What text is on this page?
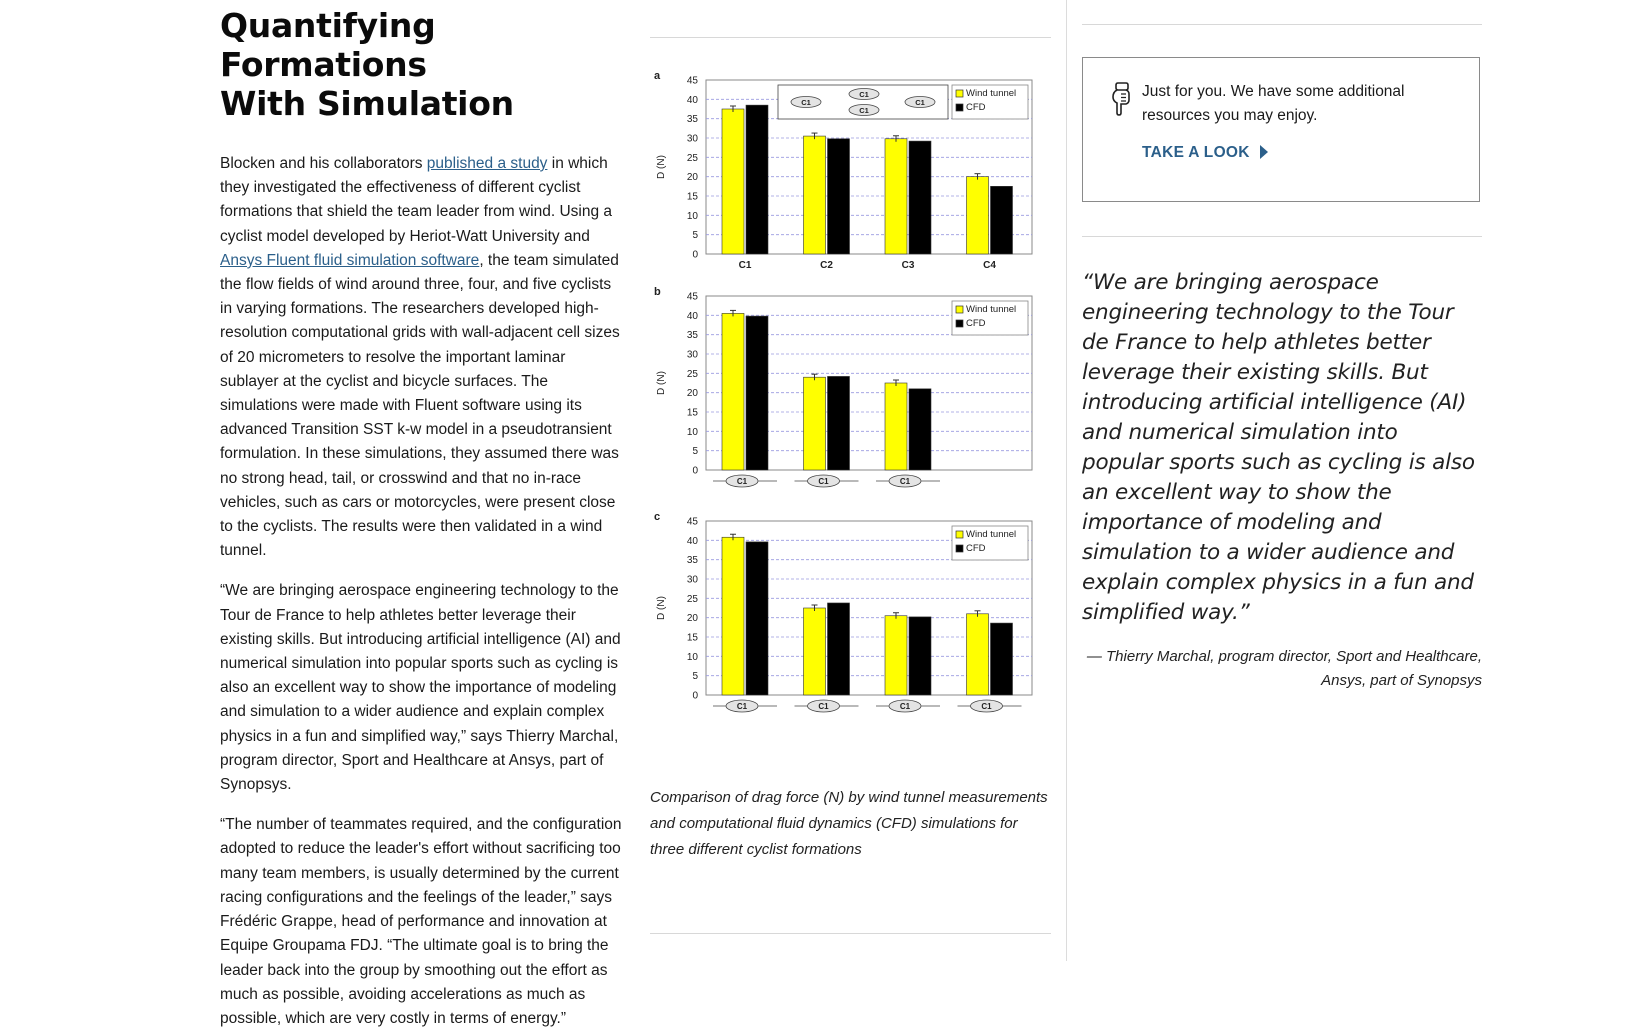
Quantifying Formations
With Simulation

Blocken and his collaborators published a study in which they investigated the effectiveness of different cyclist formations that shield the team leader from wind. Using a cyclist model developed by Heriot-Watt University and Ansys Fluent fluid simulation software, the team simulated the flow fields of wind around three, four, and five cyclists in varying formations. The researchers developed high-resolution computational grids with wall-adjacent cell sizes of 20 micrometers to resolve the important laminar sublayer at the cyclist and bicycle surfaces. The simulations were made with Fluent software using its advanced Transition SST k-w model in a pseudotransient formulation. In these simulations, they assumed there was no strong head, tail, or crosswind and that no in-race vehicles, such as cars or motorcycles, were present close to the cyclists. The results were then validated in a wind tunnel.

“We are bringing aerospace engineering technology to the Tour de France to help athletes better leverage their existing skills. But introducing artificial intelligence (AI) and numerical simulation into popular sports such as cycling is also an excellent way to show the importance of modeling and simulation to a wider audience and explain complex physics in a fun and simplified way,” says Thierry Marchal, program director, Sport and Healthcare at Ansys, part of Synopsys.

“The number of teammates required, and the configuration adopted to reduce the leader's effort without sacrificing too many team members, is usually determined by the current racing configurations and the feelings of the leader,” says Frédéric Grappe, head of performance and innovation at Equipe Groupama FDJ. “The ultimate goal is to bring the leader back into the group by smoothing out the effort as much as possible, avoiding accelerations as much as possible, which are very costly in terms of energy.”

a
0
5
10
15
20
25
30
35
40
45
D (N)
C1	C2	C3	C4
Wind tunnel
CFD
C1
C1
C1
C1
b
0
5
10
15
20
25
30
35
40
45
D (N)
C1	C1	C1
Wind tunnel
CFD
c
0
5
10
15
20
25
30
35
40
45
D (N)
C1	C1	C1	C1
Wind tunnel
CFD

Comparison of drag force (N) by wind tunnel measurements and computational fluid dynamics (CFD) simulations for three different cyclist formations

Just for you. We have some additional resources you may enjoy.

TAKE A LOOK

“We are bringing aerospace engineering technology to the Tour de France to help athletes better leverage their existing skills. But introducing artificial intelligence (AI) and numerical simulation into popular sports such as cycling is also an excellent way to show the importance of modeling and simulation to a wider audience and explain complex physics in a fun and simplified way.”

— Thierry Marchal, program director, Sport and Healthcare, Ansys, part of Synopsys
